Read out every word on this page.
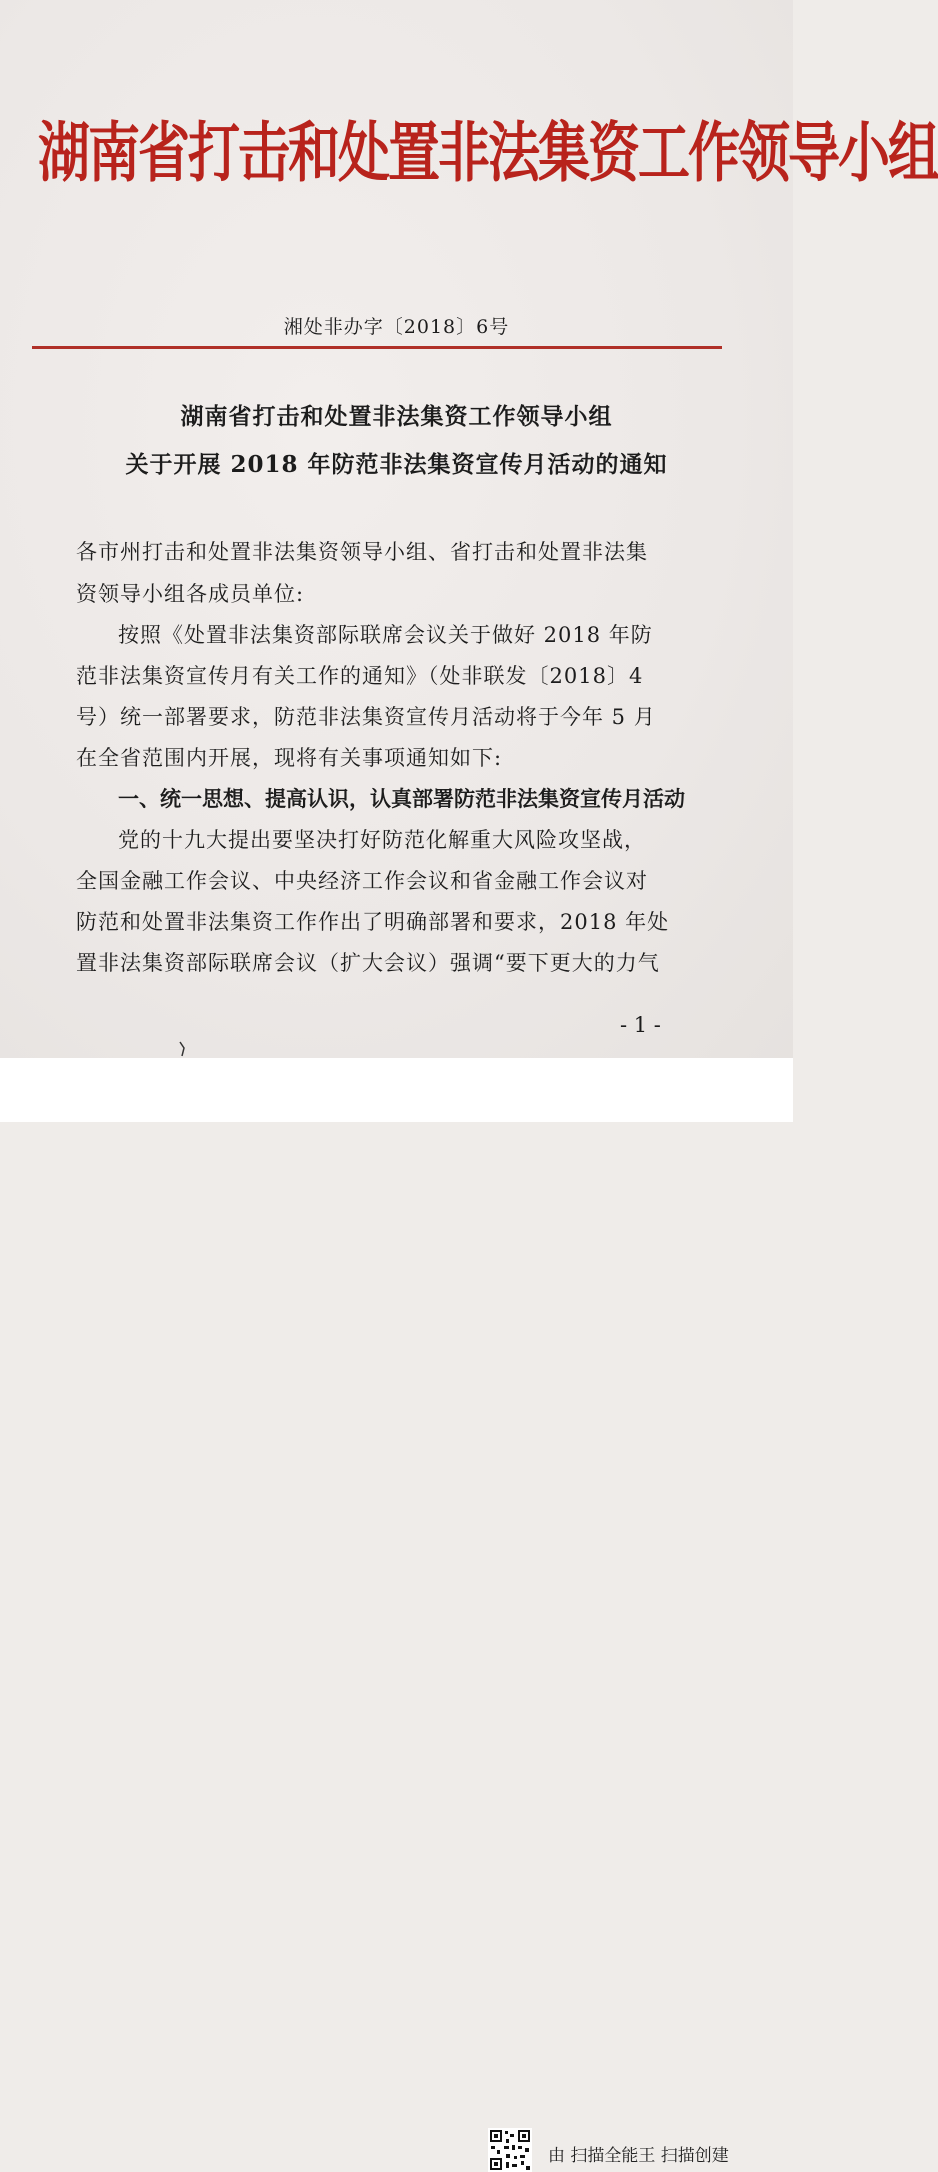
湖南省打击和处置非法集资工作领导小组
湘处非办字〔2018〕6号
湖南省打击和处置非法集资工作领导小组
关于开展 2018 年防范非法集资宣传月活动的通知
各市州打击和处置非法集资领导小组、省打击和处置非法集
资领导小组各成员单位:
按照《处置非法集资部际联席会议关于做好 2018 年防
范非法集资宣传月有关工作的通知》（处非联发〔2018〕4
号）统一部署要求，防范非法集资宣传月活动将于今年 5 月
在全省范围内开展，现将有关事项通知如下:
一、统一思想、提高认识，认真部署防范非法集资宣传月活动
党的十九大提出要坚决打好防范化解重大风险攻坚战，
全国金融工作会议、中央经济工作会议和省金融工作会议对
防范和处置非法集资工作作出了明确部署和要求，2018 年处
置非法集资部际联席会议（扩大会议）强调“要下更大的力气
- 1 -
由 扫描全能王 扫描创建
